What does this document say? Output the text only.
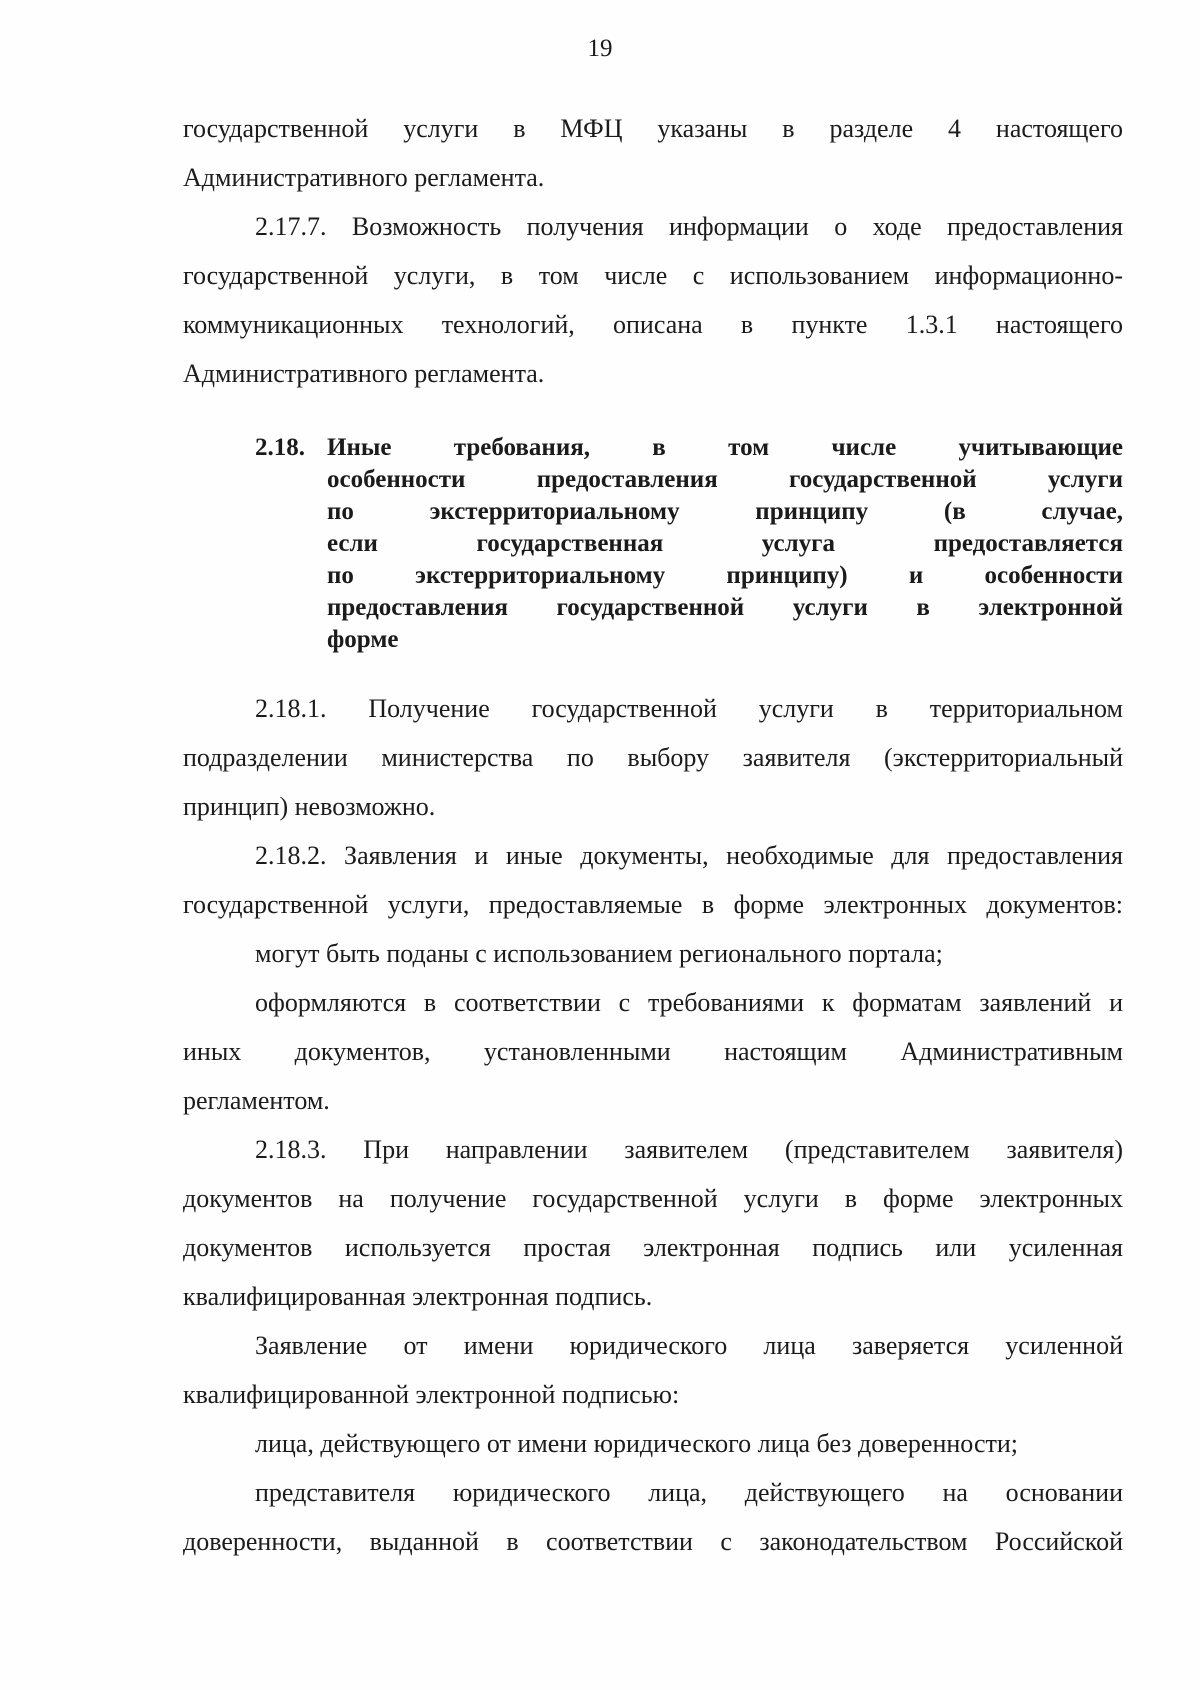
19
государственной услуги в МФЦ указаны в разделе 4 настоящего
Административного регламента.
2.17.7. Возможность получения информации о ходе предоставления
государственной услуги, в том числе с использованием информационно-
коммуникационных технологий, описана в пункте 1.3.1 настоящего
Административного регламента.
2.18. Иные требования, в том числе учитывающие
особенности предоставления государственной услуги
по экстерриториальному принципу (в случае,
если государственная услуга предоставляется
по экстерриториальному принципу) и особенности
предоставления государственной услуги в электронной
форме
2.18.1. Получение государственной услуги в территориальном
подразделении министерства по выбору заявителя (экстерриториальный
принцип) невозможно.
2.18.2. Заявления и иные документы, необходимые для предоставления
государственной услуги, предоставляемые в форме электронных документов:
могут быть поданы с использованием регионального портала;
оформляются в соответствии с требованиями к форматам заявлений и
иных документов, установленными настоящим Административным
регламентом.
2.18.3. При направлении заявителем (представителем заявителя)
документов на получение государственной услуги в форме электронных
документов используется простая электронная подпись или усиленная
квалифицированная электронная подпись.
Заявление от имени юридического лица заверяется усиленной
квалифицированной электронной подписью:
лица, действующего от имени юридического лица без доверенности;
представителя юридического лица, действующего на основании
доверенности, выданной в соответствии с законодательством Российской
